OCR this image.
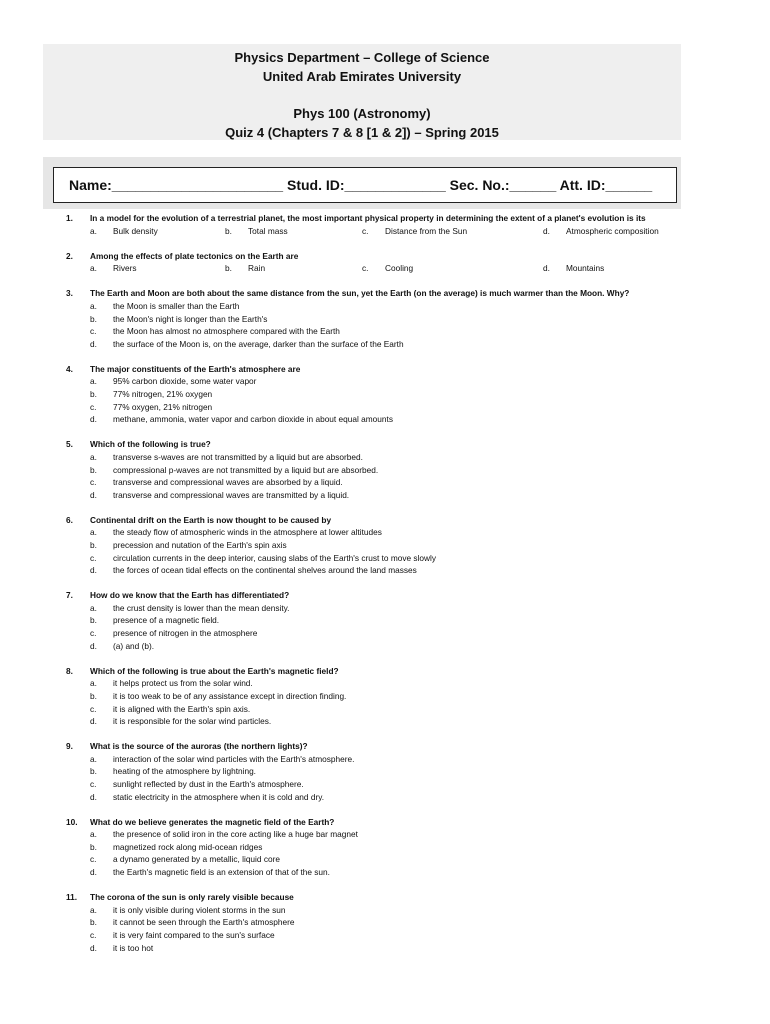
Physics Department – College of Science
United Arab Emirates University
Phys 100 (Astronomy)
Quiz 4 (Chapters 7 & 8 [1 & 2]) – Spring 2015
Name:______________________ Stud. ID:_____________ Sec. No.:______ Att. ID:______
1.	In a model for the evolution of a terrestrial planet, the most important physical property in determining the extent of a planet's evolution is its
a.	Bulk density	b.	Total mass	c.	Distance from the Sun	d.	Atmospheric composition
2.	Among the effects of plate tectonics on the Earth are
a.	Rivers	b.	Rain	c.	Cooling	d.	Mountains
3.	The Earth and Moon are both about the same distance from the sun, yet the Earth (on the average) is much warmer than the Moon. Why?
a.	the Moon is smaller than the Earth
b.	the Moon's night is longer than the Earth's
c.	the Moon has almost no atmosphere compared with the Earth
d.	the surface of the Moon is, on the average, darker than the surface of the Earth
4.	The major constituents of the Earth's atmosphere are
a.	95% carbon dioxide, some water vapor
b.	77% nitrogen, 21% oxygen
c.	77% oxygen, 21% nitrogen
d.	methane, ammonia, water vapor and carbon dioxide in about equal amounts
5.	Which of the following is true?
a.	transverse s-waves are not transmitted by a liquid but are absorbed.
b.	compressional p-waves are not transmitted by a liquid but are absorbed.
c.	transverse and compressional waves are absorbed by a liquid.
d.	transverse and compressional waves are transmitted by a liquid.
6.	Continental drift on the Earth is now thought to be caused by
a.	the steady flow of atmospheric winds in the atmosphere at lower altitudes
b.	precession and nutation of the Earth's spin axis
c.	circulation currents in the deep interior, causing slabs of the Earth's crust to move slowly
d.	the forces of ocean tidal effects on the continental shelves around the land masses
7.	How do we know that the Earth has differentiated?
a.	the crust density is lower than the mean density.
b.	presence of a magnetic field.
c.	presence of nitrogen in the atmosphere
d.	(a) and (b).
8.	Which of the following is true about the Earth's magnetic field?
a.	it helps protect us from the solar wind.
b.	it is too weak to be of any assistance except in direction finding.
c.	it is aligned with the Earth's spin axis.
d.	it is responsible for the solar wind particles.
9.	What is the source of the auroras (the northern lights)?
a.	interaction of the solar wind particles with the Earth's atmosphere.
b.	heating of the atmosphere by lightning.
c.	sunlight reflected by dust in the Earth's atmosphere.
d.	static electricity in the atmosphere when it is cold and dry.
10.	What do we believe generates the magnetic field of the Earth?
a.	the presence of solid iron in the core acting like a huge bar magnet
b.	magnetized rock along mid-ocean ridges
c.	a dynamo generated by a metallic, liquid core
d.	the Earth's magnetic field is an extension of that of the sun.
11.	The corona of the sun is only rarely visible because
a.	it is only visible during violent storms in the sun
b.	it cannot be seen through the Earth's atmosphere
c.	it is very faint compared to the sun's surface
d.	it is too hot
